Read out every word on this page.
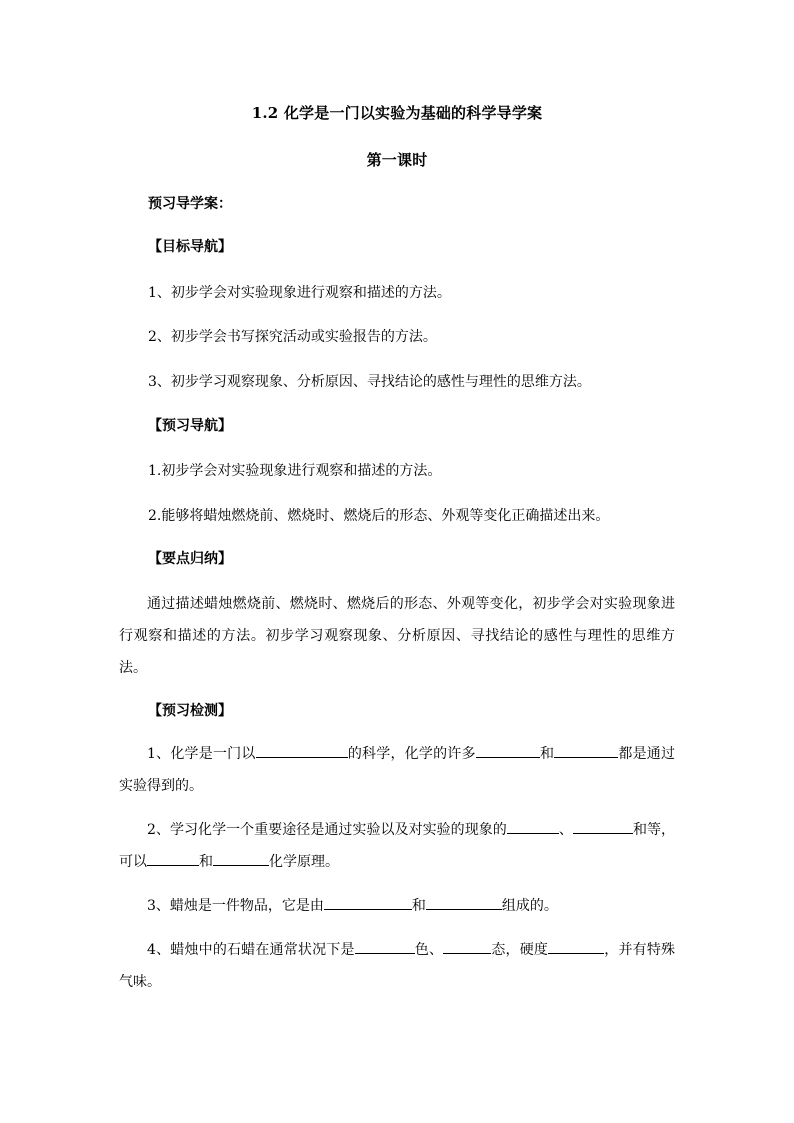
1.2 化学是一门以实验为基础的科学导学案
第一课时
预习导学案：
【目标导航】
1、初步学会对实验现象进行观察和描述的方法。
2、初步学会书写探究活动或实验报告的方法。
3、初步学习观察现象、分析原因、寻找结论的感性与理性的思维方法。
【预习导航】
1.初步学会对实验现象进行观察和描述的方法。
2.能够将蜡烛燃烧前、燃烧时、燃烧后的形态、外观等变化正确描述出来。
【要点归纳】
通过描述蜡烛燃烧前、燃烧时、燃烧后的形态、外观等变化，初步学会对实验现象进行观察和描述的方法。初步学习观察现象、分析原因、寻找结论的感性与理性的思维方法。
【预习检测】
1、化学是一门以	的科学，化学的许多	和	都是通过实验得到的。
2、学习化学一个重要途径是通过实验以及对实验的现象的	、	和等，可以	和	化学原理。
3、蜡烛是一件物品，它是由	和	组成的。
4、蜡烛中的石蜡在通常状况下是	色、	态，硬度	，并有特殊气味。
